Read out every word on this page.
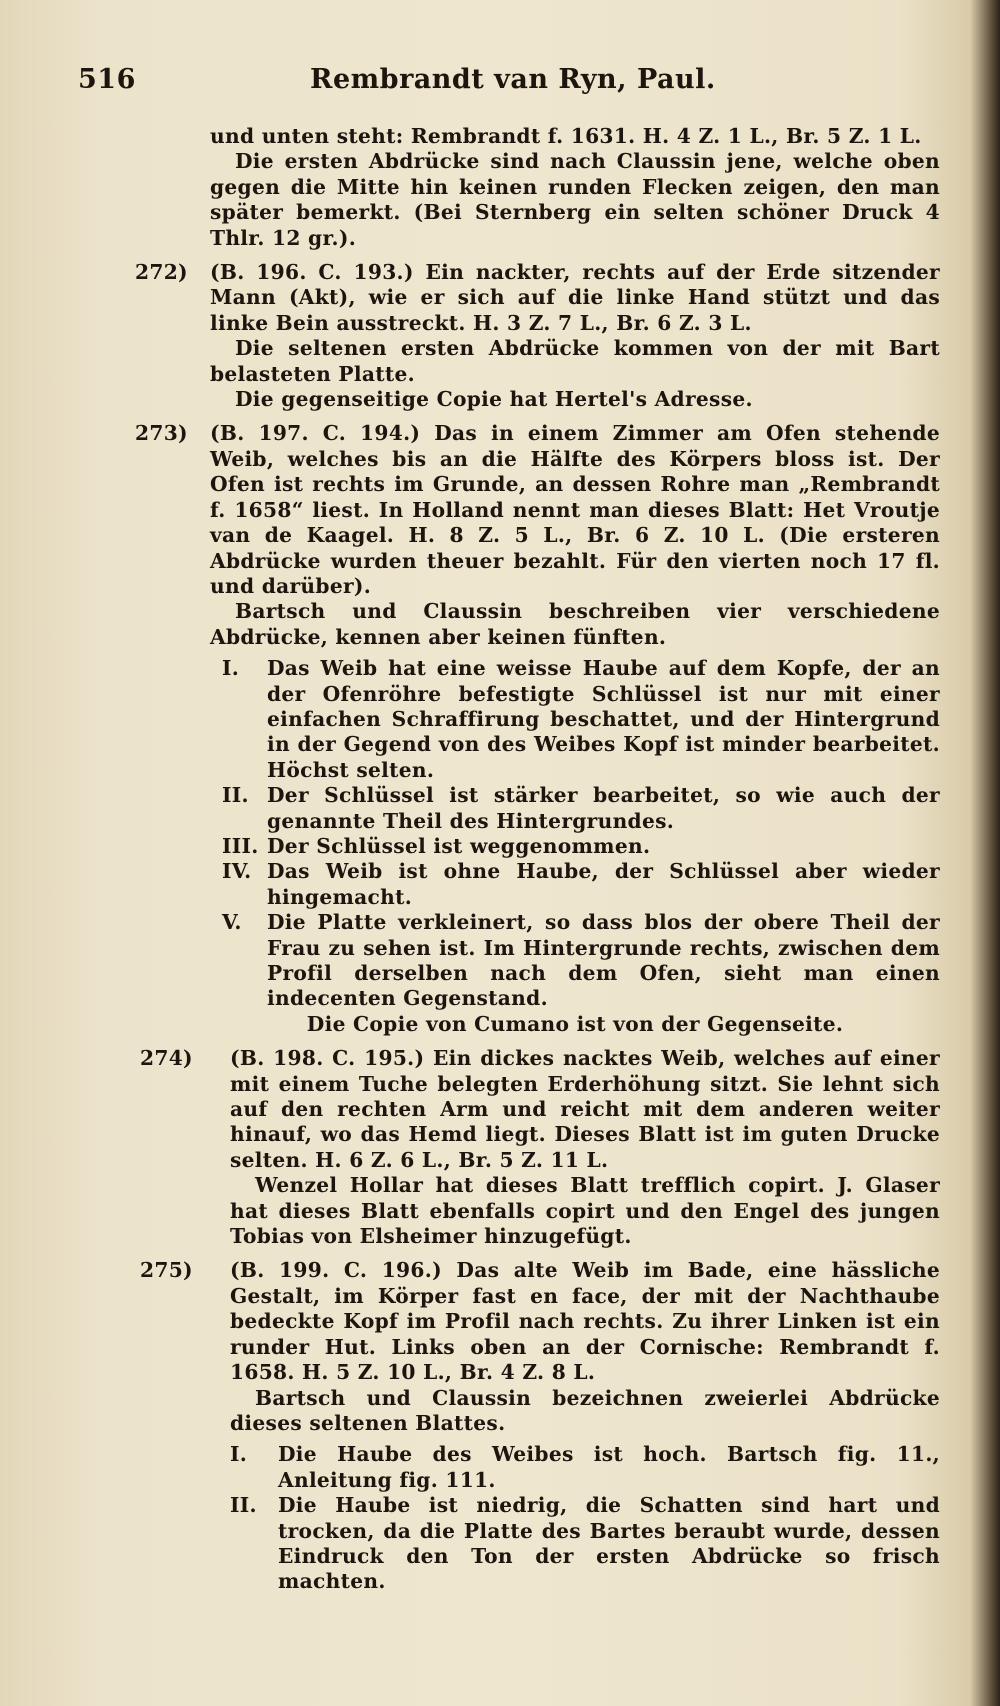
516	Rembrandt van Ryn, Paul.

und unten steht: Rembrandt f. 1631. H. 4 Z. 1 L., Br. 5 Z. 1 L.

Die ersten Abdrücke sind nach Claussin jene, welche oben gegen die Mitte hin keinen runden Flecken zeigen, den man später bemerkt. (Bei Sternberg ein selten schöner Druck 4 Thlr. 12 gr.).

272) (B. 196. C. 193.) Ein nackter, rechts auf der Erde sitzender Mann (Akt), wie er sich auf die linke Hand stützt und das linke Bein ausstreckt. H. 3 Z. 7 L., Br. 6 Z. 3 L.

Die seltenen ersten Abdrücke kommen von der mit Bart belasteten Platte.

Die gegenseitige Copie hat Hertel's Adresse.

273) (B. 197. C. 194.) Das in einem Zimmer am Ofen stehende Weib, welches bis an die Hälfte des Körpers bloss ist. Der Ofen ist rechts im Grunde, an dessen Rohre man „Rembrandt f. 1658“ liest. In Holland nennt man dieses Blatt: Het Vroutje van de Kaagel. H. 8 Z. 5 L., Br. 6 Z. 10 L. (Die ersteren Abdrücke wurden theuer bezahlt. Für den vierten noch 17 fl. und darüber).

Bartsch und Claussin beschreiben vier verschiedene Abdrücke, kennen aber keinen fünften.

I. Das Weib hat eine weisse Haube auf dem Kopfe, der an der Ofenröhre befestigte Schlüssel ist nur mit einer einfachen Schraffirung beschattet, und der Hintergrund in der Gegend von des Weibes Kopf ist minder bearbeitet. Höchst selten.

II. Der Schlüssel ist stärker bearbeitet, so wie auch der genannte Theil des Hintergrundes.

III. Der Schlüssel ist weggenommen.

IV. Das Weib ist ohne Haube, der Schlüssel aber wieder hingemacht.

V. Die Platte verkleinert, so dass blos der obere Theil der Frau zu sehen ist. Im Hintergrunde rechts, zwischen dem Profil derselben nach dem Ofen, sieht man einen indecenten Gegenstand.

Die Copie von Cumano ist von der Gegenseite.

274) (B. 198. C. 195.) Ein dickes nacktes Weib, welches auf einer mit einem Tuche belegten Erderhöhung sitzt. Sie lehnt sich auf den rechten Arm und reicht mit dem anderen weiter hinauf, wo das Hemd liegt. Dieses Blatt ist im guten Drucke selten. H. 6 Z. 6 L., Br. 5 Z. 11 L.

Wenzel Hollar hat dieses Blatt trefflich copirt. J. Glaser hat dieses Blatt ebenfalls copirt und den Engel des jungen Tobias von Elsheimer hinzugefügt.

275) (B. 199. C. 196.) Das alte Weib im Bade, eine hässliche Gestalt, im Körper fast en face, der mit der Nachthaube bedeckte Kopf im Profil nach rechts. Zu ihrer Linken ist ein runder Hut. Links oben an der Cornische: Rembrandt f. 1658. H. 5 Z. 10 L., Br. 4 Z. 8 L.

Bartsch und Claussin bezeichnen zweierlei Abdrücke dieses seltenen Blattes.

I. Die Haube des Weibes ist hoch. Bartsch fig. 11., Anleitung fig. 111.

II. Die Haube ist niedrig, die Schatten sind hart und trocken, da die Platte des Bartes beraubt wurde, dessen Eindruck den Ton der ersten Abdrücke so frisch machten.
